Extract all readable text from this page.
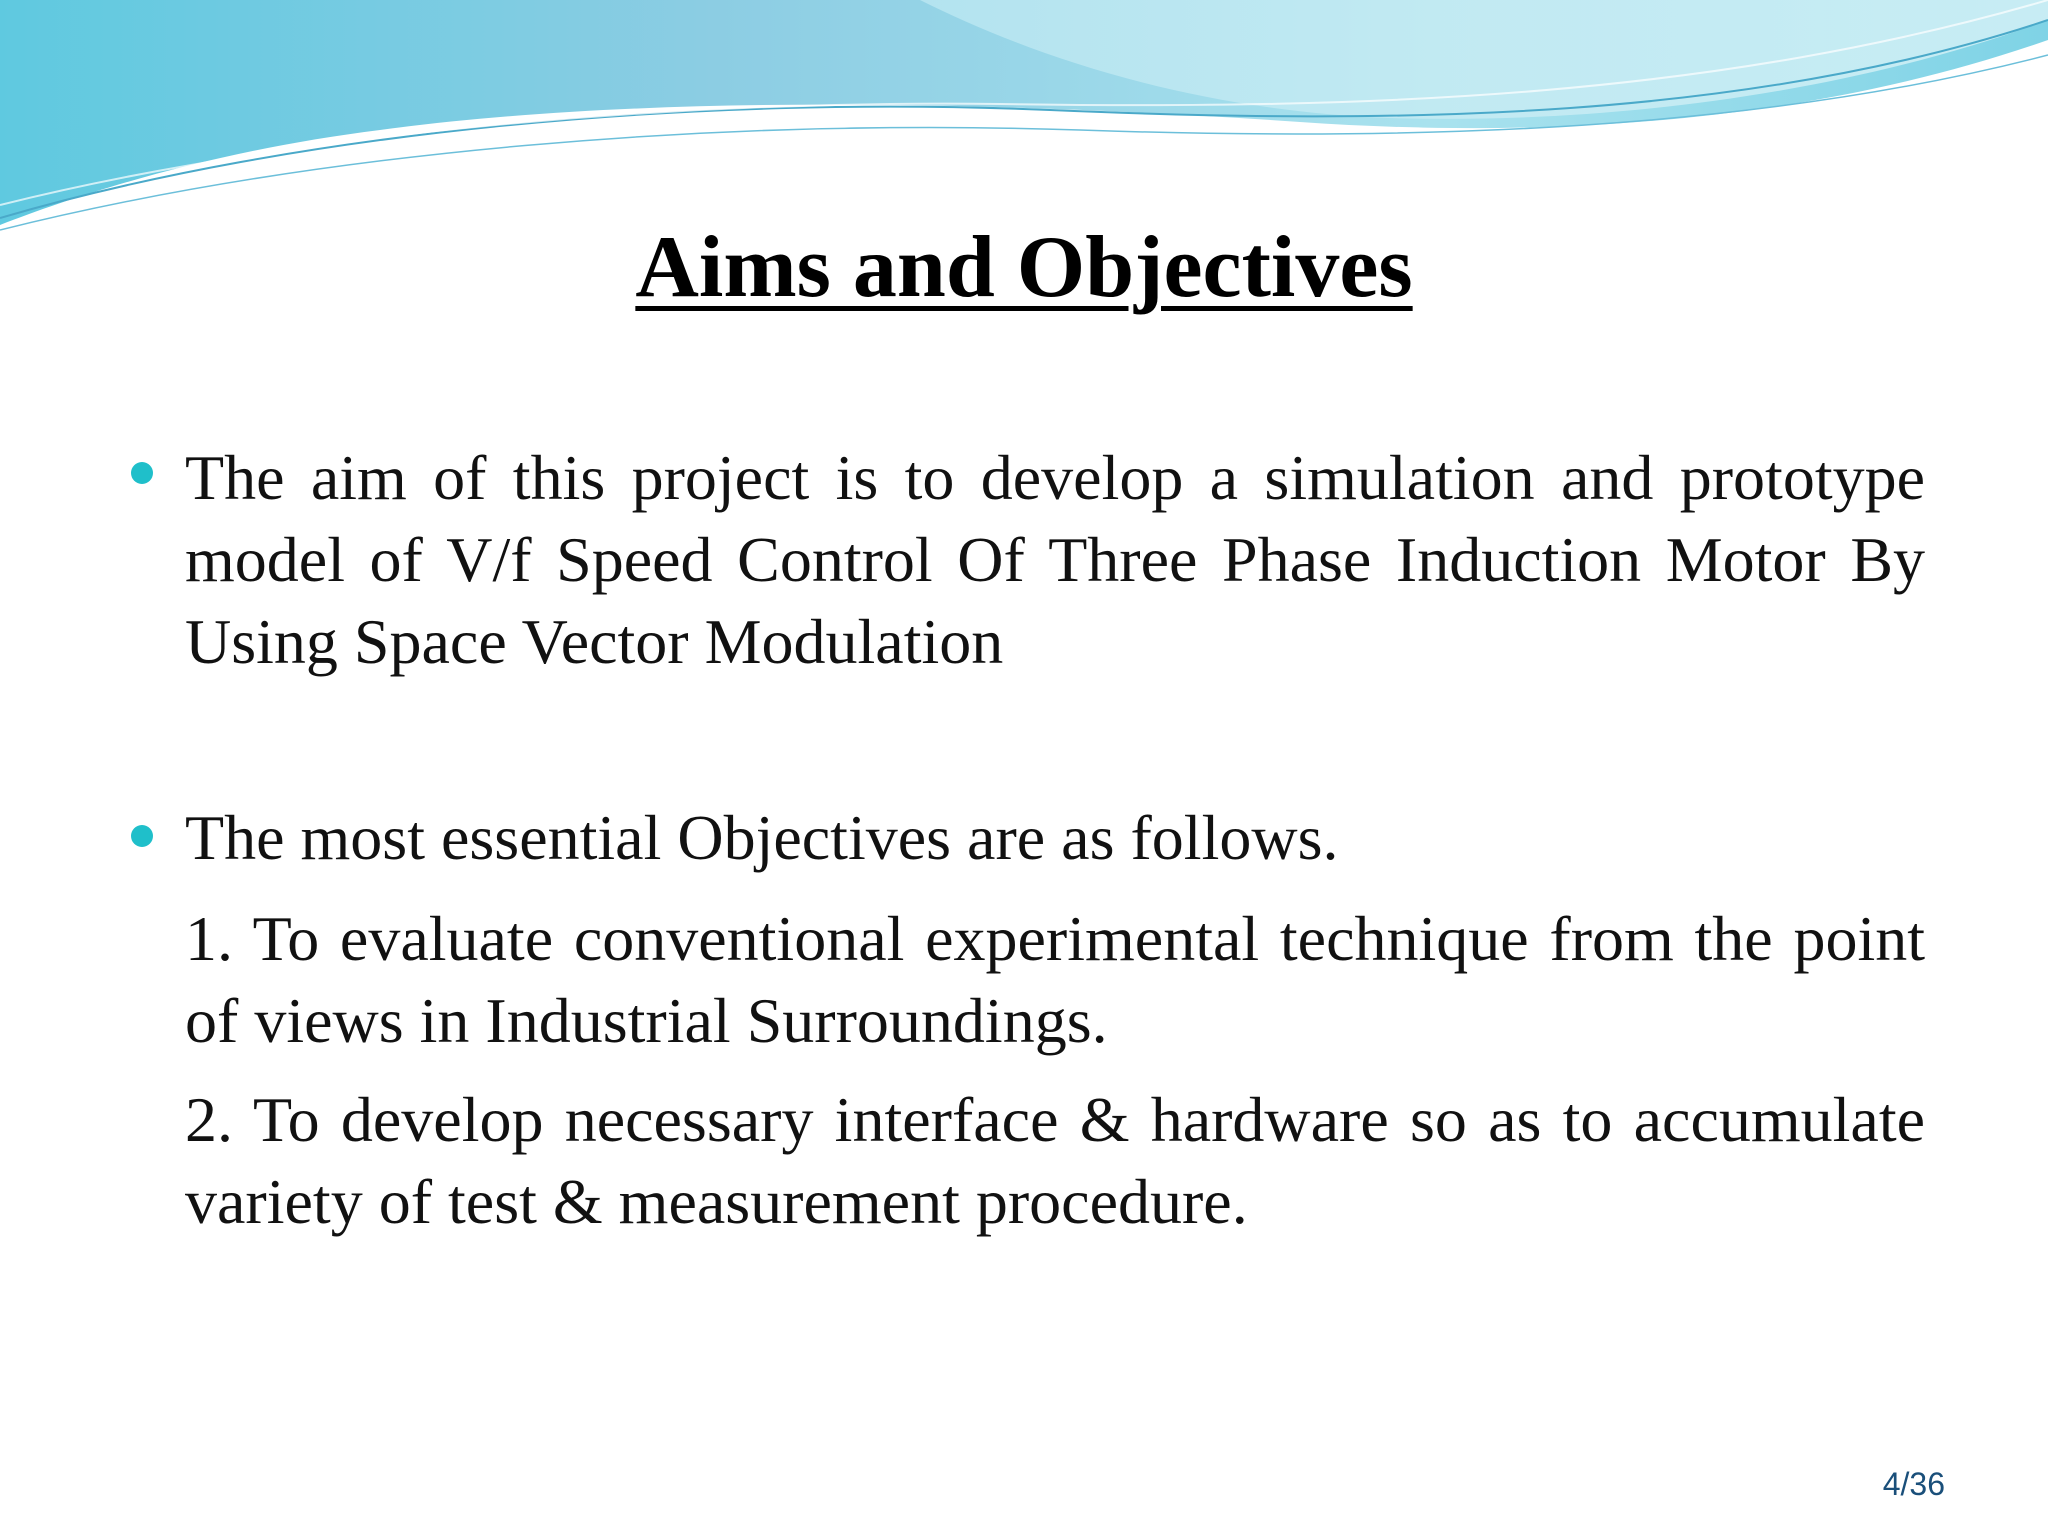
Aims and Objectives
The aim of this project is to develop a simulation and prototype model of V/f Speed Control Of Three Phase Induction Motor By Using Space Vector Modulation
The most essential Objectives are as follows.
1. To evaluate conventional experimental technique from the point of views in Industrial Surroundings.
2. To develop necessary interface & hardware so as to accumulate variety of test & measurement procedure.
4/36
